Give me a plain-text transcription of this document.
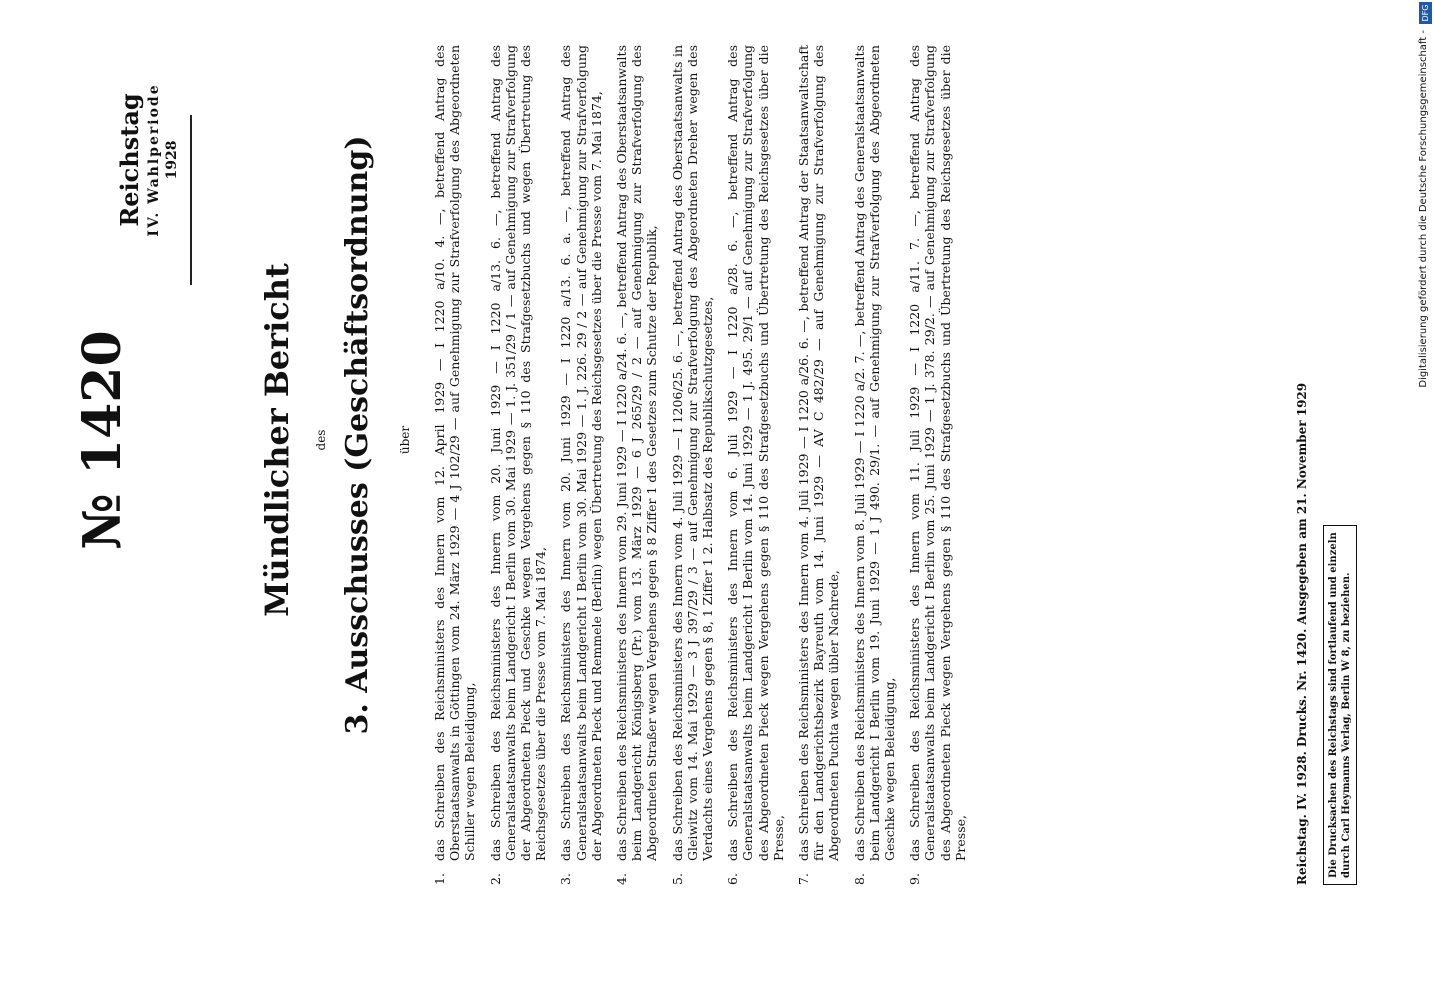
Reichstag IV. Wahlperiode 1928
№ 1420	Mündlicher Bericht des 3. Ausschusses (Geschäftsordnung) über
1.
das Schreiben des Reichsministers des Innern vom 12. April 1929 — I 1220 a/10. 4. —, betreffend Antrag des Oberstaatsanwalts in Göttingen vom 24. März 1929 — 4 J 102/29 — auf Genehmigung zur Strafverfolgung des Abgeordneten Schiller wegen Beleidigung,
2.
das Schreiben des Reichsministers des Innern vom 20. Juni 1929 — I 1220 a/13. 6. —, betreffend Antrag des Generalstaatsanwalts beim Landgericht I Berlin vom 30. Mai 1929 — 1. J. 351/29 / 1 — auf Genehmigung zur Strafverfolgung der Abgeordneten Pieck und Geschke wegen Vergehens gegen § 110 des Strafgesetzbuchs und wegen Übertretung des Reichsgesetzes über die Presse vom 7. Mai 1874,
3.
das Schreiben des Reichsministers des Innern vom 20. Juni 1929 — I 1220 a/13. 6. a. —, betreffend Antrag des Generalstaatsanwalts beim Landgericht I Berlin vom 30. Mai 1929 — 1. J. 226. 29 / 2 — auf Genehmigung zur Strafverfolgung der Abgeordneten Pieck und Remmele (Berlin) wegen Übertretung des Reichsgesetzes über die Presse vom 7. Mai 1874,
4.
das Schreiben des Reichsministers des Innern vom 29. Juni 1929 — I 1220 a/24. 6. —, betreffend Antrag des Oberstaatsanwalts beim Landgericht Königsberg (Pr.) vom 13. März 1929 — 6 J 265/29 / 2 — auf Genehmigung zur Strafverfolgung des Abgeordneten Straßer wegen Vergehens gegen § 8 Ziffer 1 des Gesetzes zum Schutze der Republik,
5.
das Schreiben des Reichsministers des Innern vom 4. Juli 1929 — I 1206/25. 6. —, betreffend Antrag des Oberstaatsanwalts in Gleiwitz vom 14. Mai 1929 — 3 J 397/29 / 3 — auf Genehmigung zur Strafverfolgung des Abgeordneten Dreher wegen des Verdachts eines Vergehens gegen § 8, 1 Ziffer 1 2. Halbsatz des Republikschutzgesetzes,
6.
das Schreiben des Reichsministers des Innern vom 6. Juli 1929 — I 1220 a/28. 6. —, betreffend Antrag des Generalstaatsanwalts beim Landgericht I Berlin vom 14. Juni 1929 — 1 J. 495. 29/1 — auf Genehmigung zur Strafverfolgung des Abgeordneten Pieck wegen Vergehens gegen § 110 des Strafgesetzbuchs und Übertretung des Reichsgesetzes über die Presse,
7.
das Schreiben des Reichsministers des Innern vom 4. Juli 1929 — I 1220 a/26. 6. —, betreffend Antrag der Staatsanwaltschaft für den Landgerichtsbezirk Bayreuth vom 14. Juni 1929 — AV C 482/29 — auf Genehmigung zur Strafverfolgung des Abgeordneten Puchta wegen übler Nachrede,
8.
das Schreiben des Reichsministers des Innern vom 8. Juli 1929 — I 1220 a/2. 7. —, betreffend Antrag des Generalstaatsanwalts beim Landgericht I Berlin vom 19. Juni 1929 — 1 J 490. 29/1. — auf Genehmigung zur Strafverfolgung des Abgeordneten Geschke wegen Beleidigung,
9.
das Schreiben des Reichsministers des Innern vom 11. Juli 1929 — I 1220 a/11. 7. —, betreffend Antrag des Generalstaatsanwalts beim Landgericht I Berlin vom 25. Juni 1929 — 1 J. 378. 29/2. — auf Genehmigung zur Strafverfolgung des Abgeordneten Pieck wegen Vergehens gegen § 110 des Strafgesetzbuchs und Übertretung des Reichsgesetzes über die Presse,	Reichstag. IV. 1928. Drucks. Nr. 1420. Ausgegeben am 21. November 1929 Die Drucksachen des Reichstags sind fortlaufend und einzeln durch Carl Heymanns Verlag, Berlin W 8, zu beziehen.
Digitalisierung gefördert durch die Deutsche Forschungsgemeinschaft -
DFG
